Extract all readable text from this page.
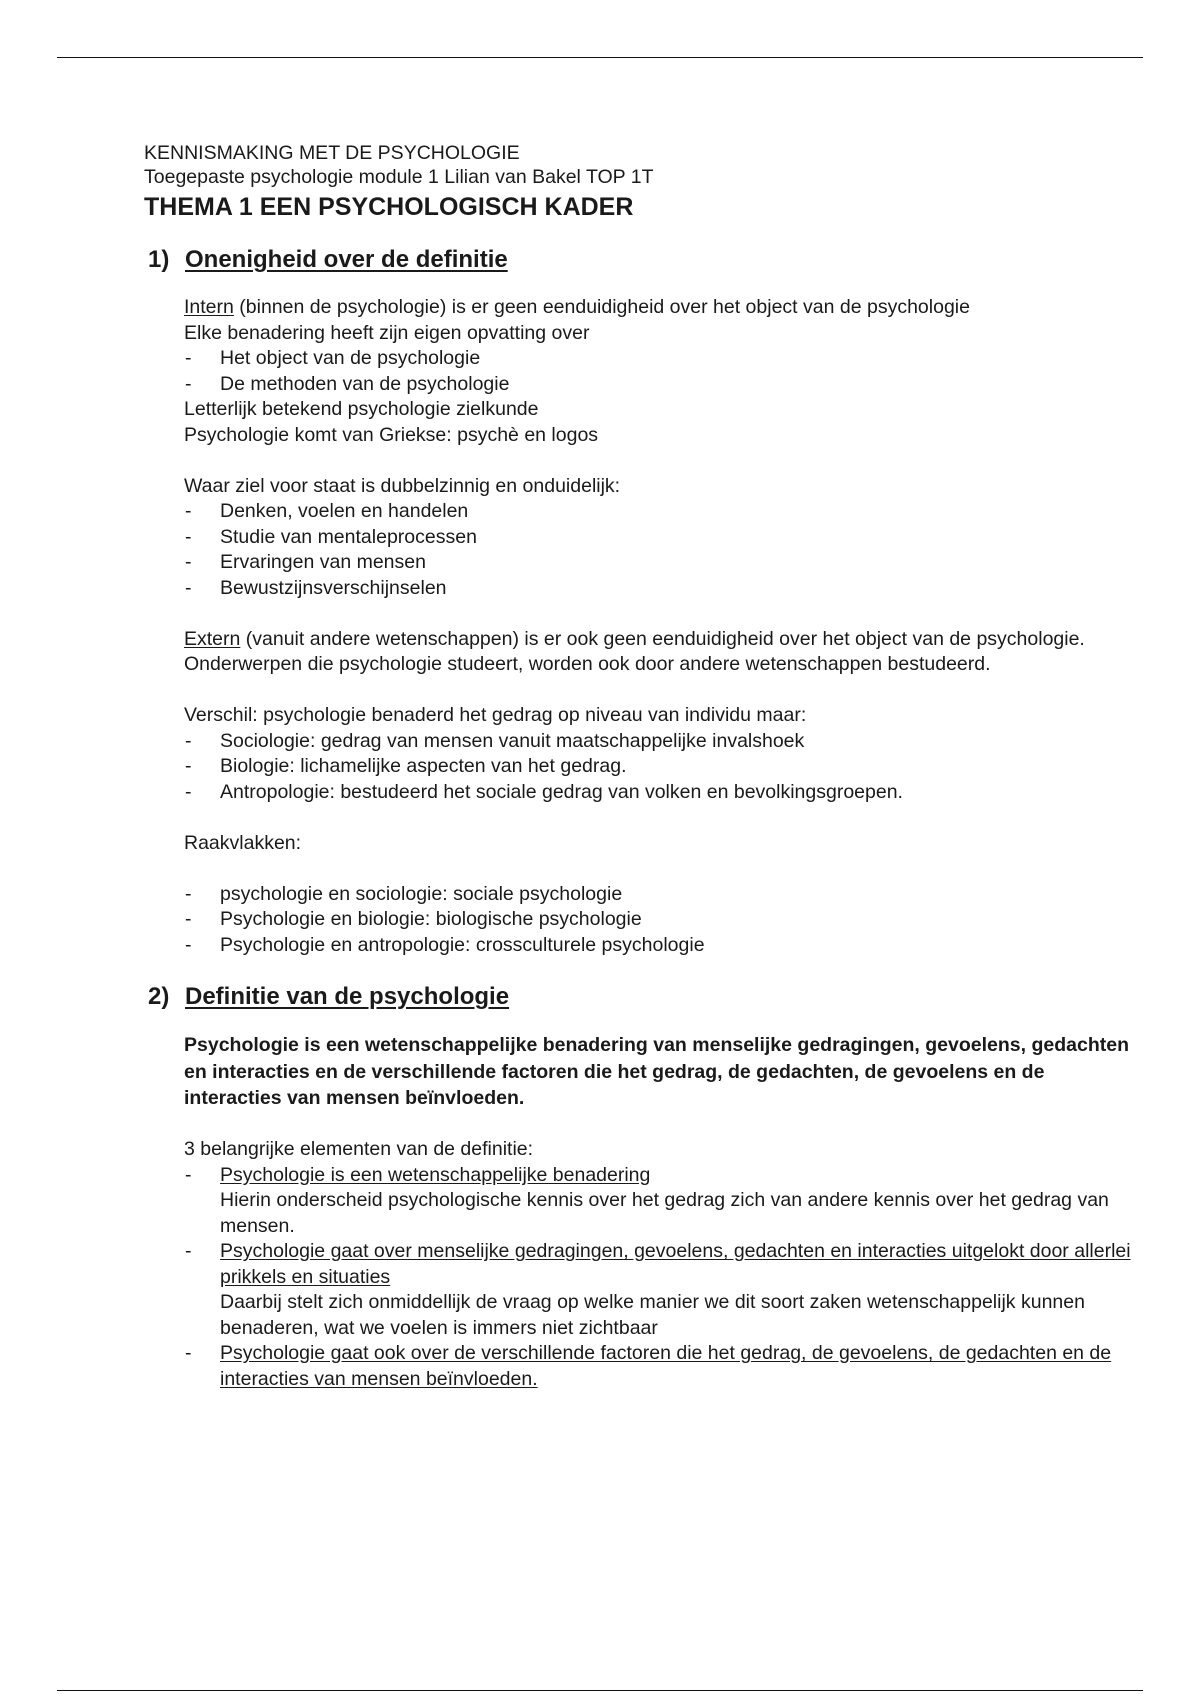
KENNISMAKING MET DE PSYCHOLOGIE
Toegepaste psychologie module 1 Lilian van Bakel TOP 1T
THEMA 1 EEN PSYCHOLOGISCH KADER
1) Onenigheid over de definitie

Intern (binnen de psychologie) is er geen eenduidigheid over het object van de psychologie

Elke benadering heeft zijn eigen opvatting over

- Het object van de psychologie
- De methoden van de psychologie

Letterlijk betekend psychologie zielkunde

Psychologie komt van Griekse: psychè en logos

Waar ziel voor staat is dubbelzinnig en onduidelijk:

- Denken, voelen en handelen
- Studie van mentaleprocessen
- Ervaringen van mensen
- Bewustzijnsverschijnselen

Extern (vanuit andere wetenschappen) is er ook geen eenduidigheid over het object van de psychologie.

Onderwerpen die psychologie studeert, worden ook door andere wetenschappen bestudeerd.

Verschil: psychologie benaderd het gedrag op niveau van individu maar:

- Sociologie: gedrag van mensen vanuit maatschappelijke invalshoek
- Biologie: lichamelijke aspecten van het gedrag.
- Antropologie: bestudeerd het sociale gedrag van volken en bevolkingsgroepen.

Raakvlakken:

- psychologie en sociologie: sociale psychologie
- Psychologie en biologie: biologische psychologie
- Psychologie en antropologie: crossculturele psychologie
2) Definitie van de psychologie

Psychologie is een wetenschappelijke benadering van menselijke gedragingen, gevoelens, gedachten en interacties en de verschillende factoren die het gedrag, de gedachten, de gevoelens en de interacties van mensen beïnvloeden.

3 belangrijke elementen van de definitie:

- Psychologie is een wetenschappelijke benadering
Hierin onderscheid psychologische kennis over het gedrag zich van andere kennis over het gedrag van mensen.
- Psychologie gaat over menselijke gedragingen, gevoelens, gedachten en interacties uitgelokt door allerlei prikkels en situaties
Daarbij stelt zich onmiddellijk de vraag op welke manier we dit soort zaken wetenschappelijk kunnen benaderen, wat we voelen is immers niet zichtbaar
- Psychologie gaat ook over de verschillende factoren die het gedrag, de gevoelens, de gedachten en de interacties van mensen beïnvloeden.
